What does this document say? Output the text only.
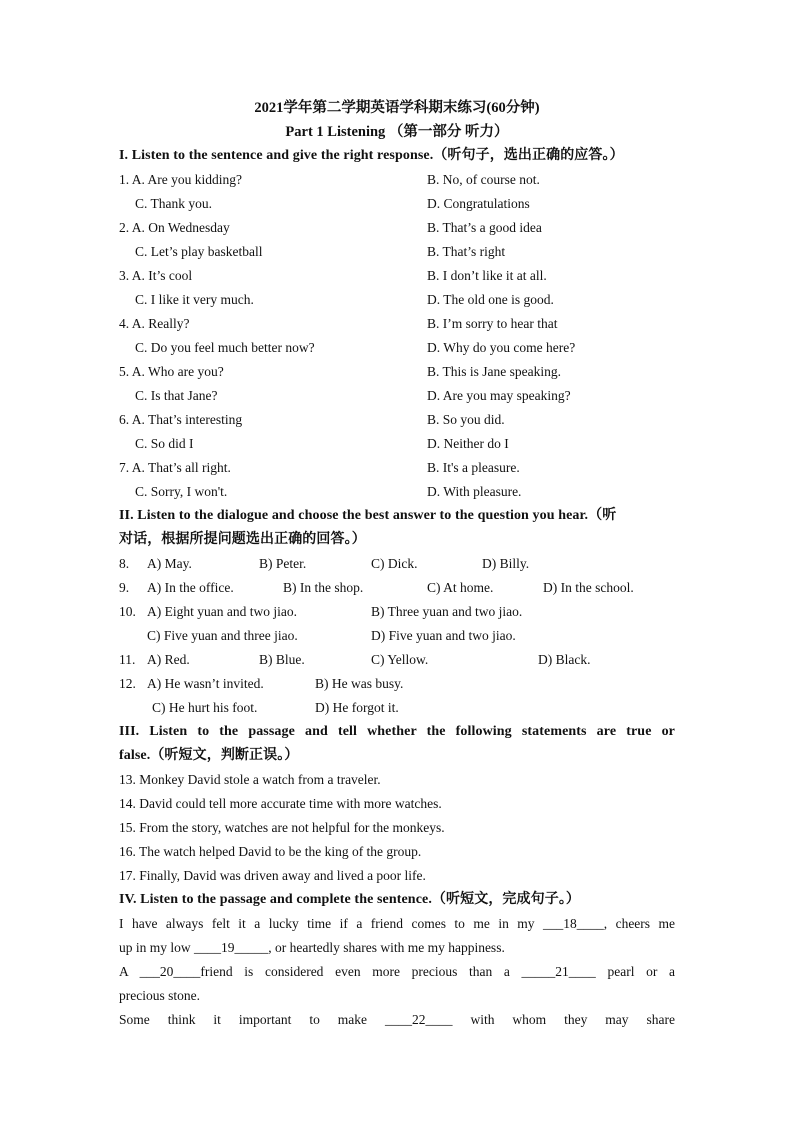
2021学年第二学期英语学科期末练习(60分钟)
Part 1 Listening （第一部分 听力）
I. Listen to the sentence and give the right response.（听句子，选出正确的应答。）
1. A. Are you kidding?	B. No, of course not.
C. Thank you.	D. Congratulations
2. A. On Wednesday	B. That’s a good idea
C. Let’s play basketball	B. That’s right
3. A. It’s cool	B. I don’t like it at all.
C. I like it very much.	D. The old one is good.
4. A. Really?	B. I’m sorry to hear that
C. Do you feel much better now?	D. Why do you come here?
5. A. Who are you?	B. This is Jane speaking.
C. Is that Jane?	D. Are you may speaking?
6. A. That’s interesting	B. So you did.
C. So did I	D. Neither do I
7. A. That’s all right.	B. It's a pleasure.
C. Sorry, I won't.	D. With pleasure.
II. Listen to the dialogue and choose the best answer to the question you hear.（听
对话，根据所提问题选出正确的回答。）
8. A) May.	B) Peter.	C) Dick.	D) Billy.
9. A) In the office.	B) In the shop.	C) At home.	D) In the school.
10. A) Eight yuan and two jiao.	B) Three yuan and two jiao.
C) Five yuan and three jiao.	D) Five yuan and two jiao.
11. A) Red.	B) Blue.	C) Yellow.	D) Black.
12. A) He wasn’t invited.	B) He was busy.
C) He hurt his foot.	D) He forgot it.
III. Listen to the passage and tell whether the following statements are true or
false.（听短文，判断正误。）
13. Monkey David stole a watch from a traveler.
14. David could tell more accurate time with more watches.
15. From the story, watches are not helpful for the monkeys.
16. The watch helped David to be the king of the group.
17. Finally, David was driven away and lived a poor life.
IV. Listen to the passage and complete the sentence.（听短文，完成句子。）
I have always felt it a lucky time if a friend comes to me in my ___18____, cheers me
up in my low ____19_____, or heartedly shares with me my happiness.
A ___20____friend is considered even more precious than a _____21____ pearl or a
precious stone.
Some think it important to make ____22____ with whom they may share
